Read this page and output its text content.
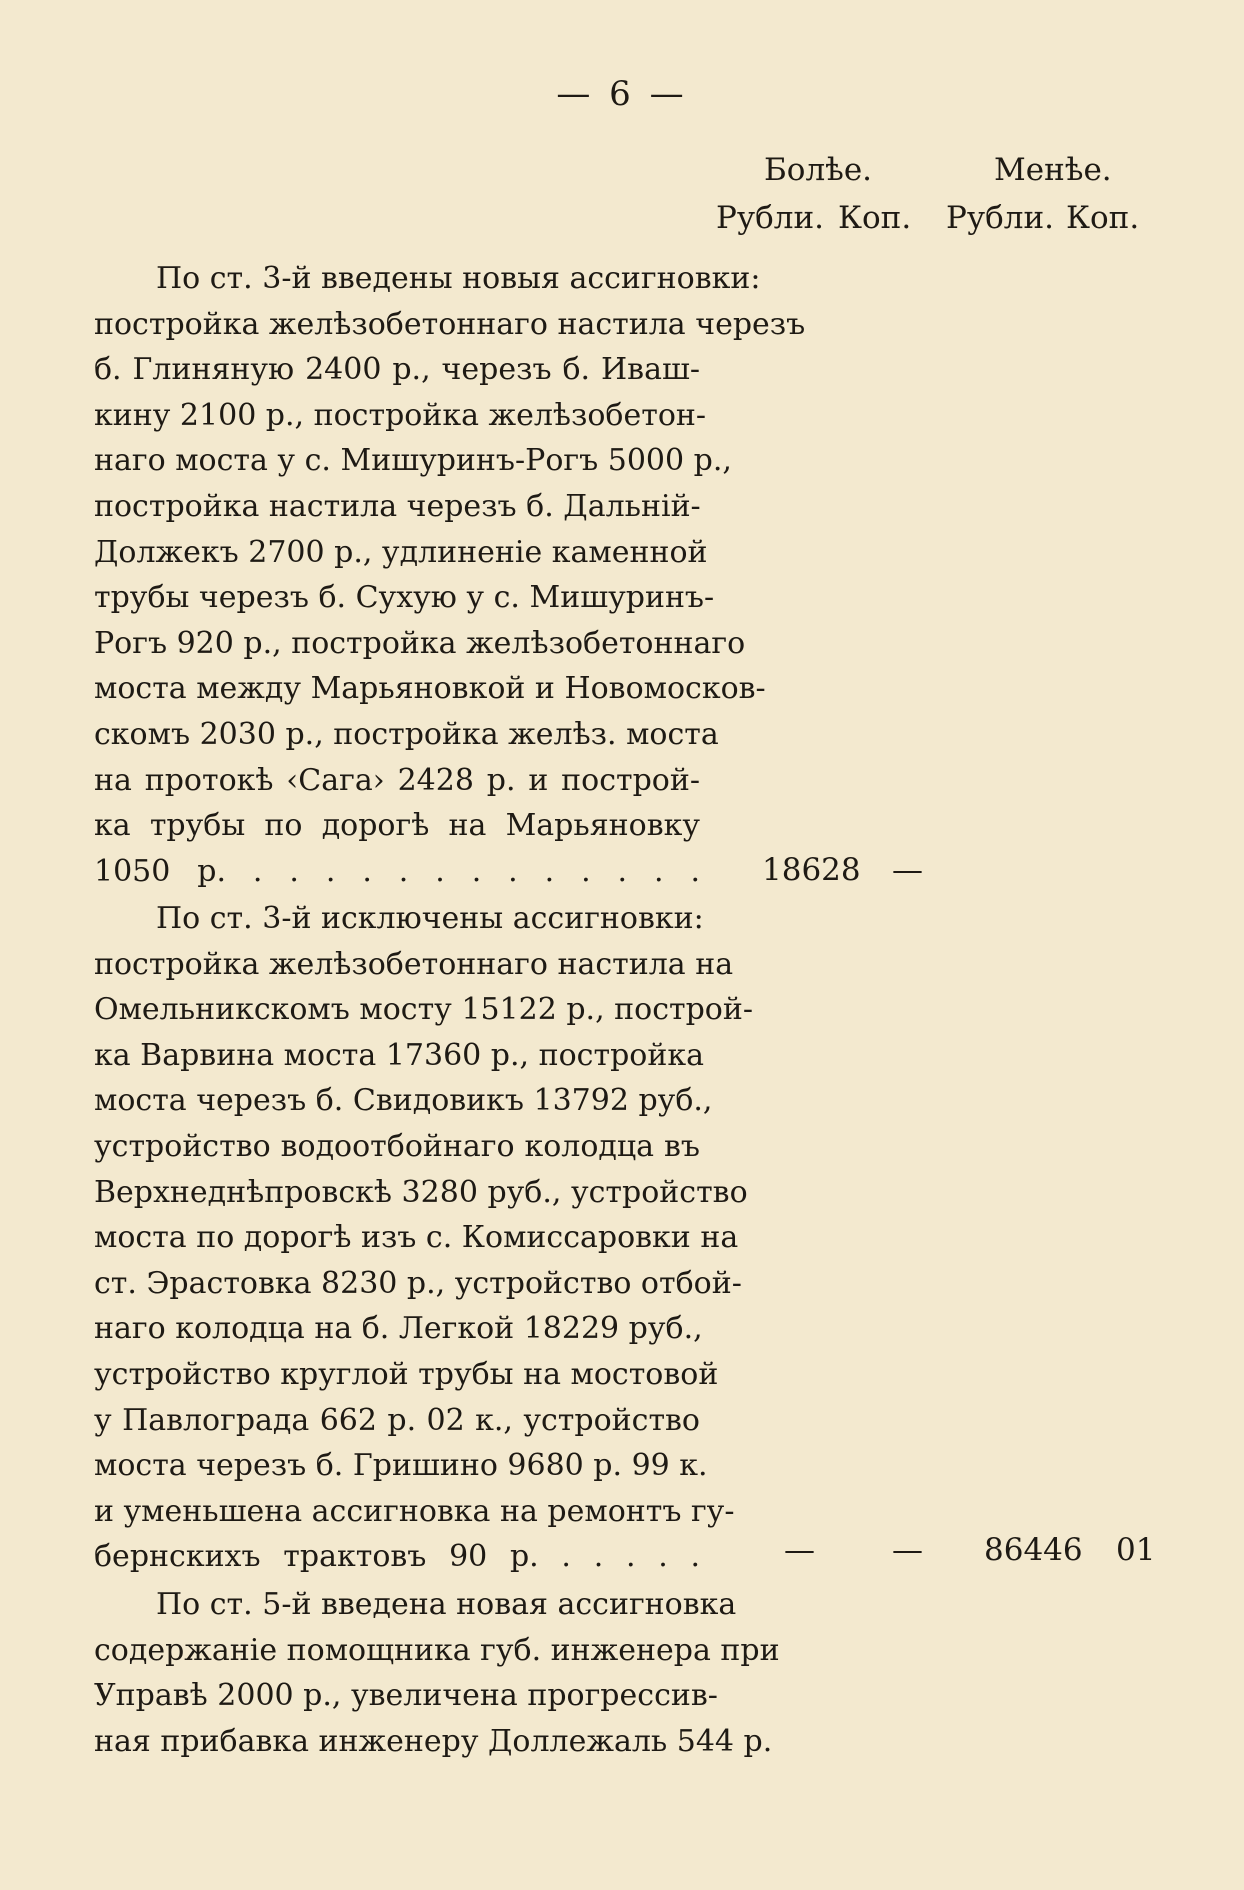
— 6 —
Болѣе.	Менѣе.
Рубли. Коп. Рубли. Коп.

По ст. 3-й введены новыя ассигновки:
постройка желѣзобетоннаго настила черезъ
б. Глиняную 2400 р., черезъ б. Иваш-
кину 2100 р., постройка желѣзобетон-
наго моста у с. Мишуринъ-Рогъ 5000 р.,
постройка настила черезъ б. Дальній-
Должекъ 2700 р., удлиненіе каменной
трубы черезъ б. Сухую у с. Мишуринъ-
Рогъ 920 р., постройка желѣзобетоннаго
моста между Марьяновкой и Новомосков-
скомъ 2030 р., постройка желѣз. моста
на протокѣ ‹Сага› 2428 р. и построй-
ка трубы по дорогѣ на Марьяновку
1050 р. . . . . . . . . . . . . . 18628 —

По ст. 3-й исключены ассигновки:
постройка желѣзобетоннаго настила на
Омельникскомъ мосту 15122 р., построй-
ка Варвина моста 17360 р., постройка
моста черезъ б. Свидовикъ 13792 руб.,
устройство водоотбойнаго колодца въ
Верхнеднѣпровскѣ 3280 руб., устройство
моста по дорогѣ изъ с. Комиссаровки на
ст. Эрастовка 8230 р., устройство отбой-
наго колодца на б. Легкой 18229 руб.,
устройство круглой трубы на мостовой
у Павлограда 662 р. 02 к., устройство
моста черезъ б. Гришино 9680 р. 99 к.
и уменьшена ассигновка на ремонтъ гу-
бернскихъ трактовъ 90 р. . . . . .	— — 86446 01

По ст. 5-й введена новая ассигновка
содержаніе помощника губ. инженера при
Управѣ 2000 р., увеличена прогрессив-
ная прибавка инженеру Доллежаль 544 р.
